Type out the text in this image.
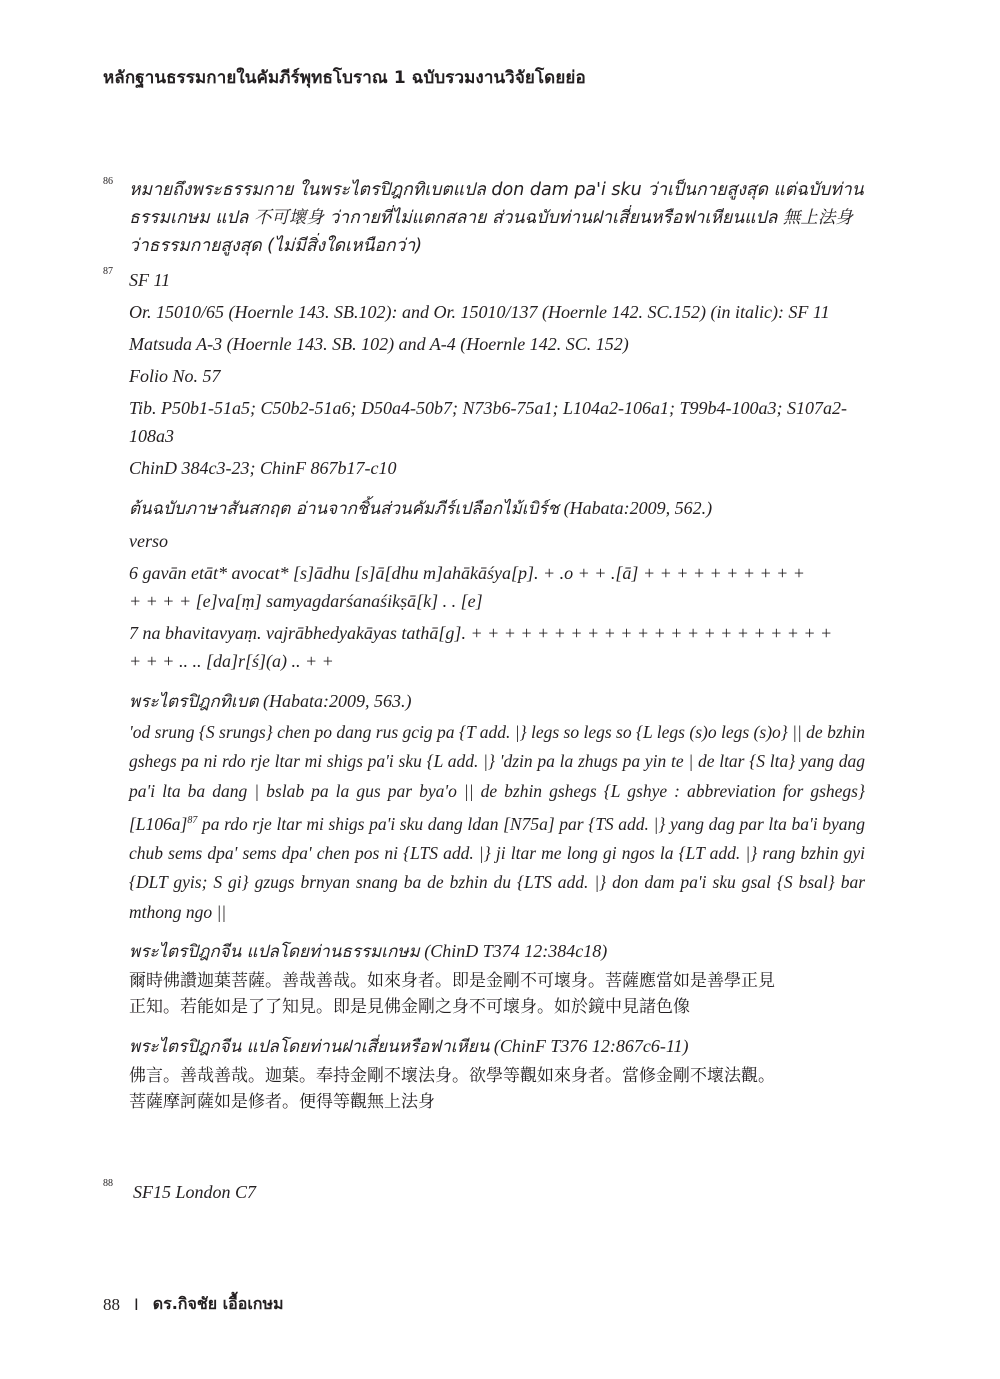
หลักฐานธรรมกายในคัมภีร์พุทธโบราณ 1 ฉบับรวมงานวิจัยโดยย่อ
86 หมายถึงพระธรรมกาย ในพระไตรปิฎกทิเบตแปล don dam pa'i sku ว่าเป็นกายสูงสุด แต่ฉบับท่านธรรมเกษม แปล 不可壞身 ว่ากายที่ไม่แตกสลาย ส่วนฉบับท่านฝาเสี่ยนหรือฟาเหียนแปล 無上法身 ว่าธรรมกายสูงสุด (ไม่มีสิ่งใดเหนือกว่า)
87 SF 11

Or. 15010/65 (Hoernle 143. SB.102): and Or. 15010/137 (Hoernle 142. SC.152) (in italic): SF 11

Matsuda A-3 (Hoernle 143. SB. 102) and A-4 (Hoernle 142. SC. 152)

Folio No. 57

Tib. P50b1-51a5; C50b2-51a6; D50a4-50b7; N73b6-75a1; L104a2-106a1; T99b4-100a3; S107a2-108a3

ChinD 384c3-23; ChinF 867b17-c10

ต้นฉบับภาษาสันสกฤต อ่านจากชิ้นส่วนคัมภีร์เปลือกไม้เบิร์ช (Habata:2009, 562.)

verso

6 gavān etāt* avocat* [s]ādhu [s]ā[dhu m]ahākāśya[p]. + .o + + .[ā] + + + + + + + + + +

+ + + + [e]va[ṃ] samyagdarśanaśikṣā[k] . . [e]

7 na bhavitavyaṃ. vajrābhedyakāyas tathā[g]. + + + + + + + + + + + + + + + + + + + + + +

+ + + .. .. [da]r[ś](a) .. + +

พระไตรปิฎกทิเบต (Habata:2009, 563.)

'od srung {S srungs} chen po dang rus gcig pa {T add. |} legs so legs so {L legs (s)o legs (s)o} || de bzhin gshegs pa ni rdo rje ltar mi shigs pa'i sku {L add. |} 'dzin pa la zhugs pa yin te | de ltar {S lta} yang dag pa'i lta ba dang | bslab pa la gus par bya'o || de bzhin gshegs {L gshye : abbreviation for gshegs} $[L106a]^{87}$ pa rdo rje ltar mi shigs pa'i sku dang ldan [N75a] par {TS add. |} yang dag par lta ba'i byang chub sems dpa' sems dpa' chen pos ni {LTS add. |} ji ltar me long gi ngos la {LT add. |} rang bzhin gyi {DLT gyis; S gi} gzugs brnyan snang ba de bzhin du {LTS add. |} don dam pa'i sku gsal {S bsal} bar mthong ngo ||

พระไตรปิฎกจีน แปลโดยท่านธรรมเกษม (ChinD T374 12:384c18)

爾時佛讚迦葉菩薩。善哉善哉。如來身者。即是金剛不可壞身。菩薩應當如是善學正見
正知。若能如是了了知見。即是見佛金剛之身不可壞身。如於鏡中見諸色像

พระไตรปิฎกจีน แปลโดยท่านฝาเสี่ยนหรือฟาเหียน (ChinF T376 12:867c6-11)

佛言。善哉善哉。迦葉。奉持金剛不壞法身。欲學等觀如來身者。當修金剛不壞法觀。
菩薩摩訶薩如是修者。便得等觀無上法身
88 SF15 London C7

88 I ดร.กิจชัย เอื้อเกษม
